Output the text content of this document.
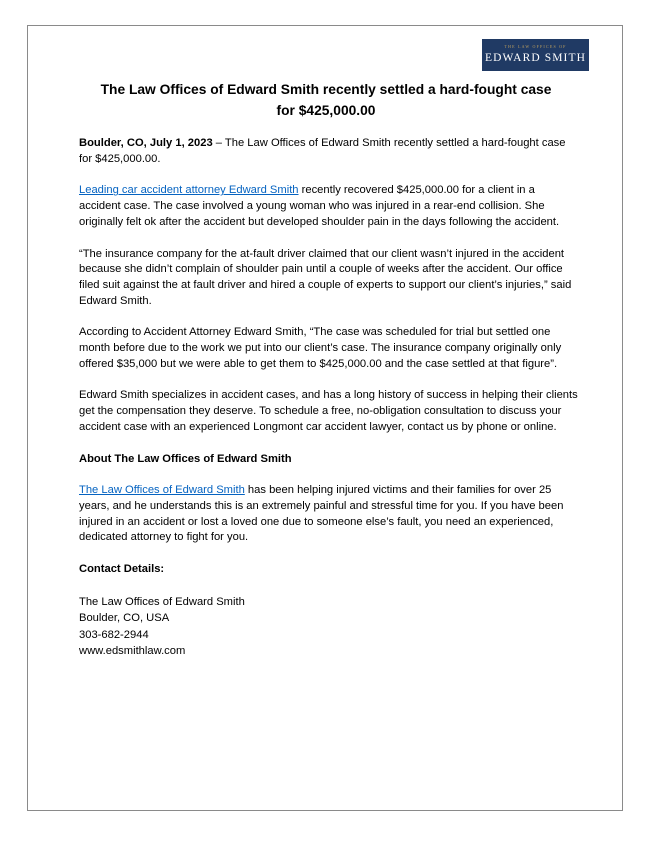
THE LAW OFFICES OF
EDWARD SMITH
The Law Offices of Edward Smith recently settled a hard-fought case
for $425,000.00

Boulder, CO, July 1, 2023 – The Law Offices of Edward Smith recently settled a hard-fought case for $425,000.00.

Leading car accident attorney Edward Smith recently recovered $425,000.00 for a client in a accident case. The case involved a young woman who was injured in a rear-end collision. She originally felt ok after the accident but developed shoulder pain in the days following the accident.

“The insurance company for the at-fault driver claimed that our client wasn’t injured in the accident because she didn’t complain of shoulder pain until a couple of weeks after the accident. Our office filed suit against the at fault driver and hired a couple of experts to support our client’s injuries,” said Edward Smith.

According to Accident Attorney Edward Smith, “The case was scheduled for trial but settled one month before due to the work we put into our client’s case. The insurance company originally only offered $35,000 but we were able to get them to $425,000.00 and the case settled at that figure”.

Edward Smith specializes in accident cases, and has a long history of success in helping their clients get the compensation they deserve. To schedule a free, no-obligation consultation to discuss your accident case with an experienced Longmont car accident lawyer, contact us by phone or online.

About The Law Offices of Edward Smith

The Law Offices of Edward Smith has been helping injured victims and their families for over 25 years, and he understands this is an extremely painful and stressful time for you. If you have been injured in an accident or lost a loved one due to someone else’s fault, you need an experienced, dedicated attorney to fight for you.

Contact Details:

The Law Offices of Edward Smith
Boulder, CO, USA
303-682-2944
www.edsmithlaw.com
